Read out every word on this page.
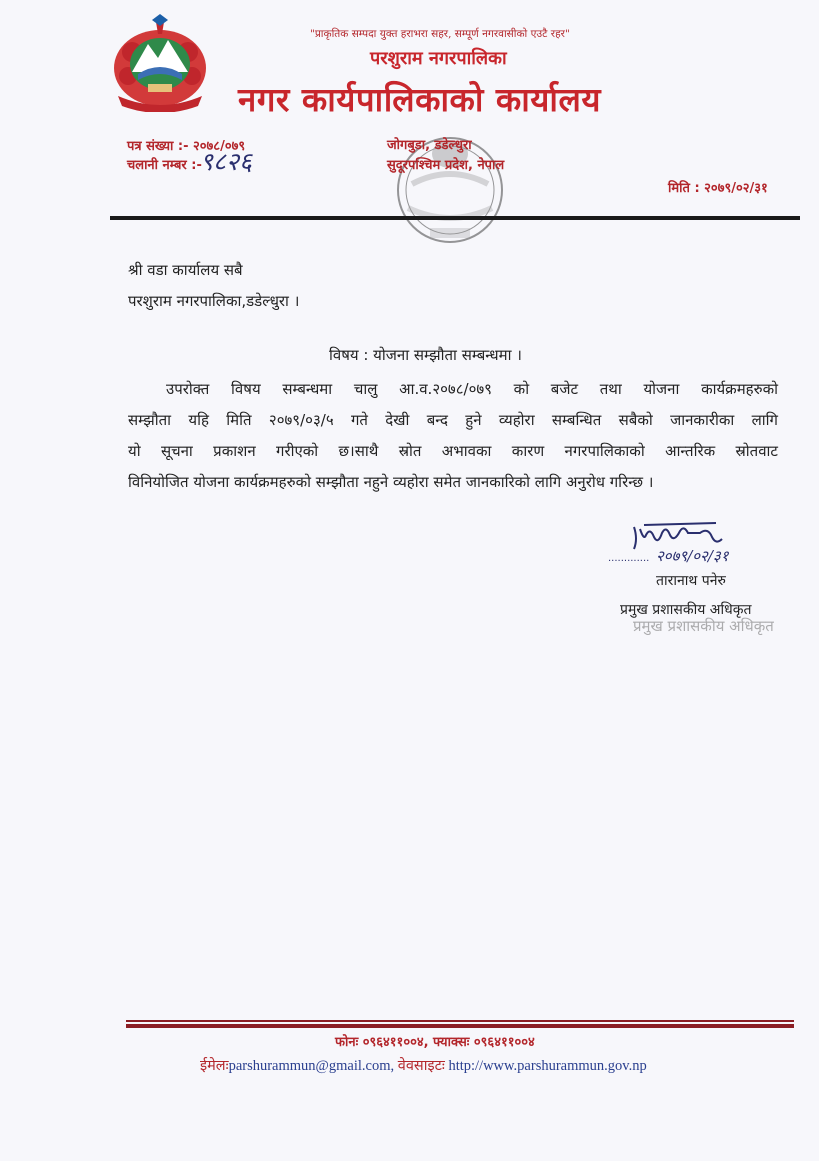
"प्राकृतिक सम्पदा युक्त हराभरा सहर, सम्पूर्ण नगरवासीको एउटै रहर"
परशुराम नगरपालिका
नगर कार्यपालिकाको कार्यालय
पत्र संख्या :- २०७८/०७९
चलानी नम्बर :-
९८२६
जोगबुडा, डडेल्धुरा
सुदूरपश्चिम प्रदेश, नेपाल
मिति : २०७९/०२/३१
श्री वडा कार्यालय सबै
परशुराम नगरपालिका,डडेल्धुरा ।
विषय : योजना सम्झौता सम्बन्धमा ।
उपरोक्त विषय सम्बन्धमा चालु आ.व.२०७८/०७९ को बजेट तथा योजना कार्यक्रमहरुको
सम्झौता यहि मिति २०७९/०३/५ गते देखी बन्द हुने व्यहोरा सम्बन्धित सबैको जानकारीका लागि
यो सूचना प्रकाशन गरीएको छ।साथै स्रोत अभावका कारण नगरपालिकाको आन्तरिक स्रोतवाट
विनियोजित योजना कार्यक्रमहरुको सम्झौता नहुने व्यहोरा समेत जानकारिको लागि अनुरोध गरिन्छ ।
............. २०७९/०२/३१
तारानाथ पनेरु
प्रमुख प्रशासकीय अधिकृत
प्रमुख प्रशासकीय अधिकृत
फोनः ०९६४११००४, फ्याक्सः ०९६४११००४
ईमेलःparshurammun@gmail.com, वेवसाइटः http://www.parshurammun.gov.np
